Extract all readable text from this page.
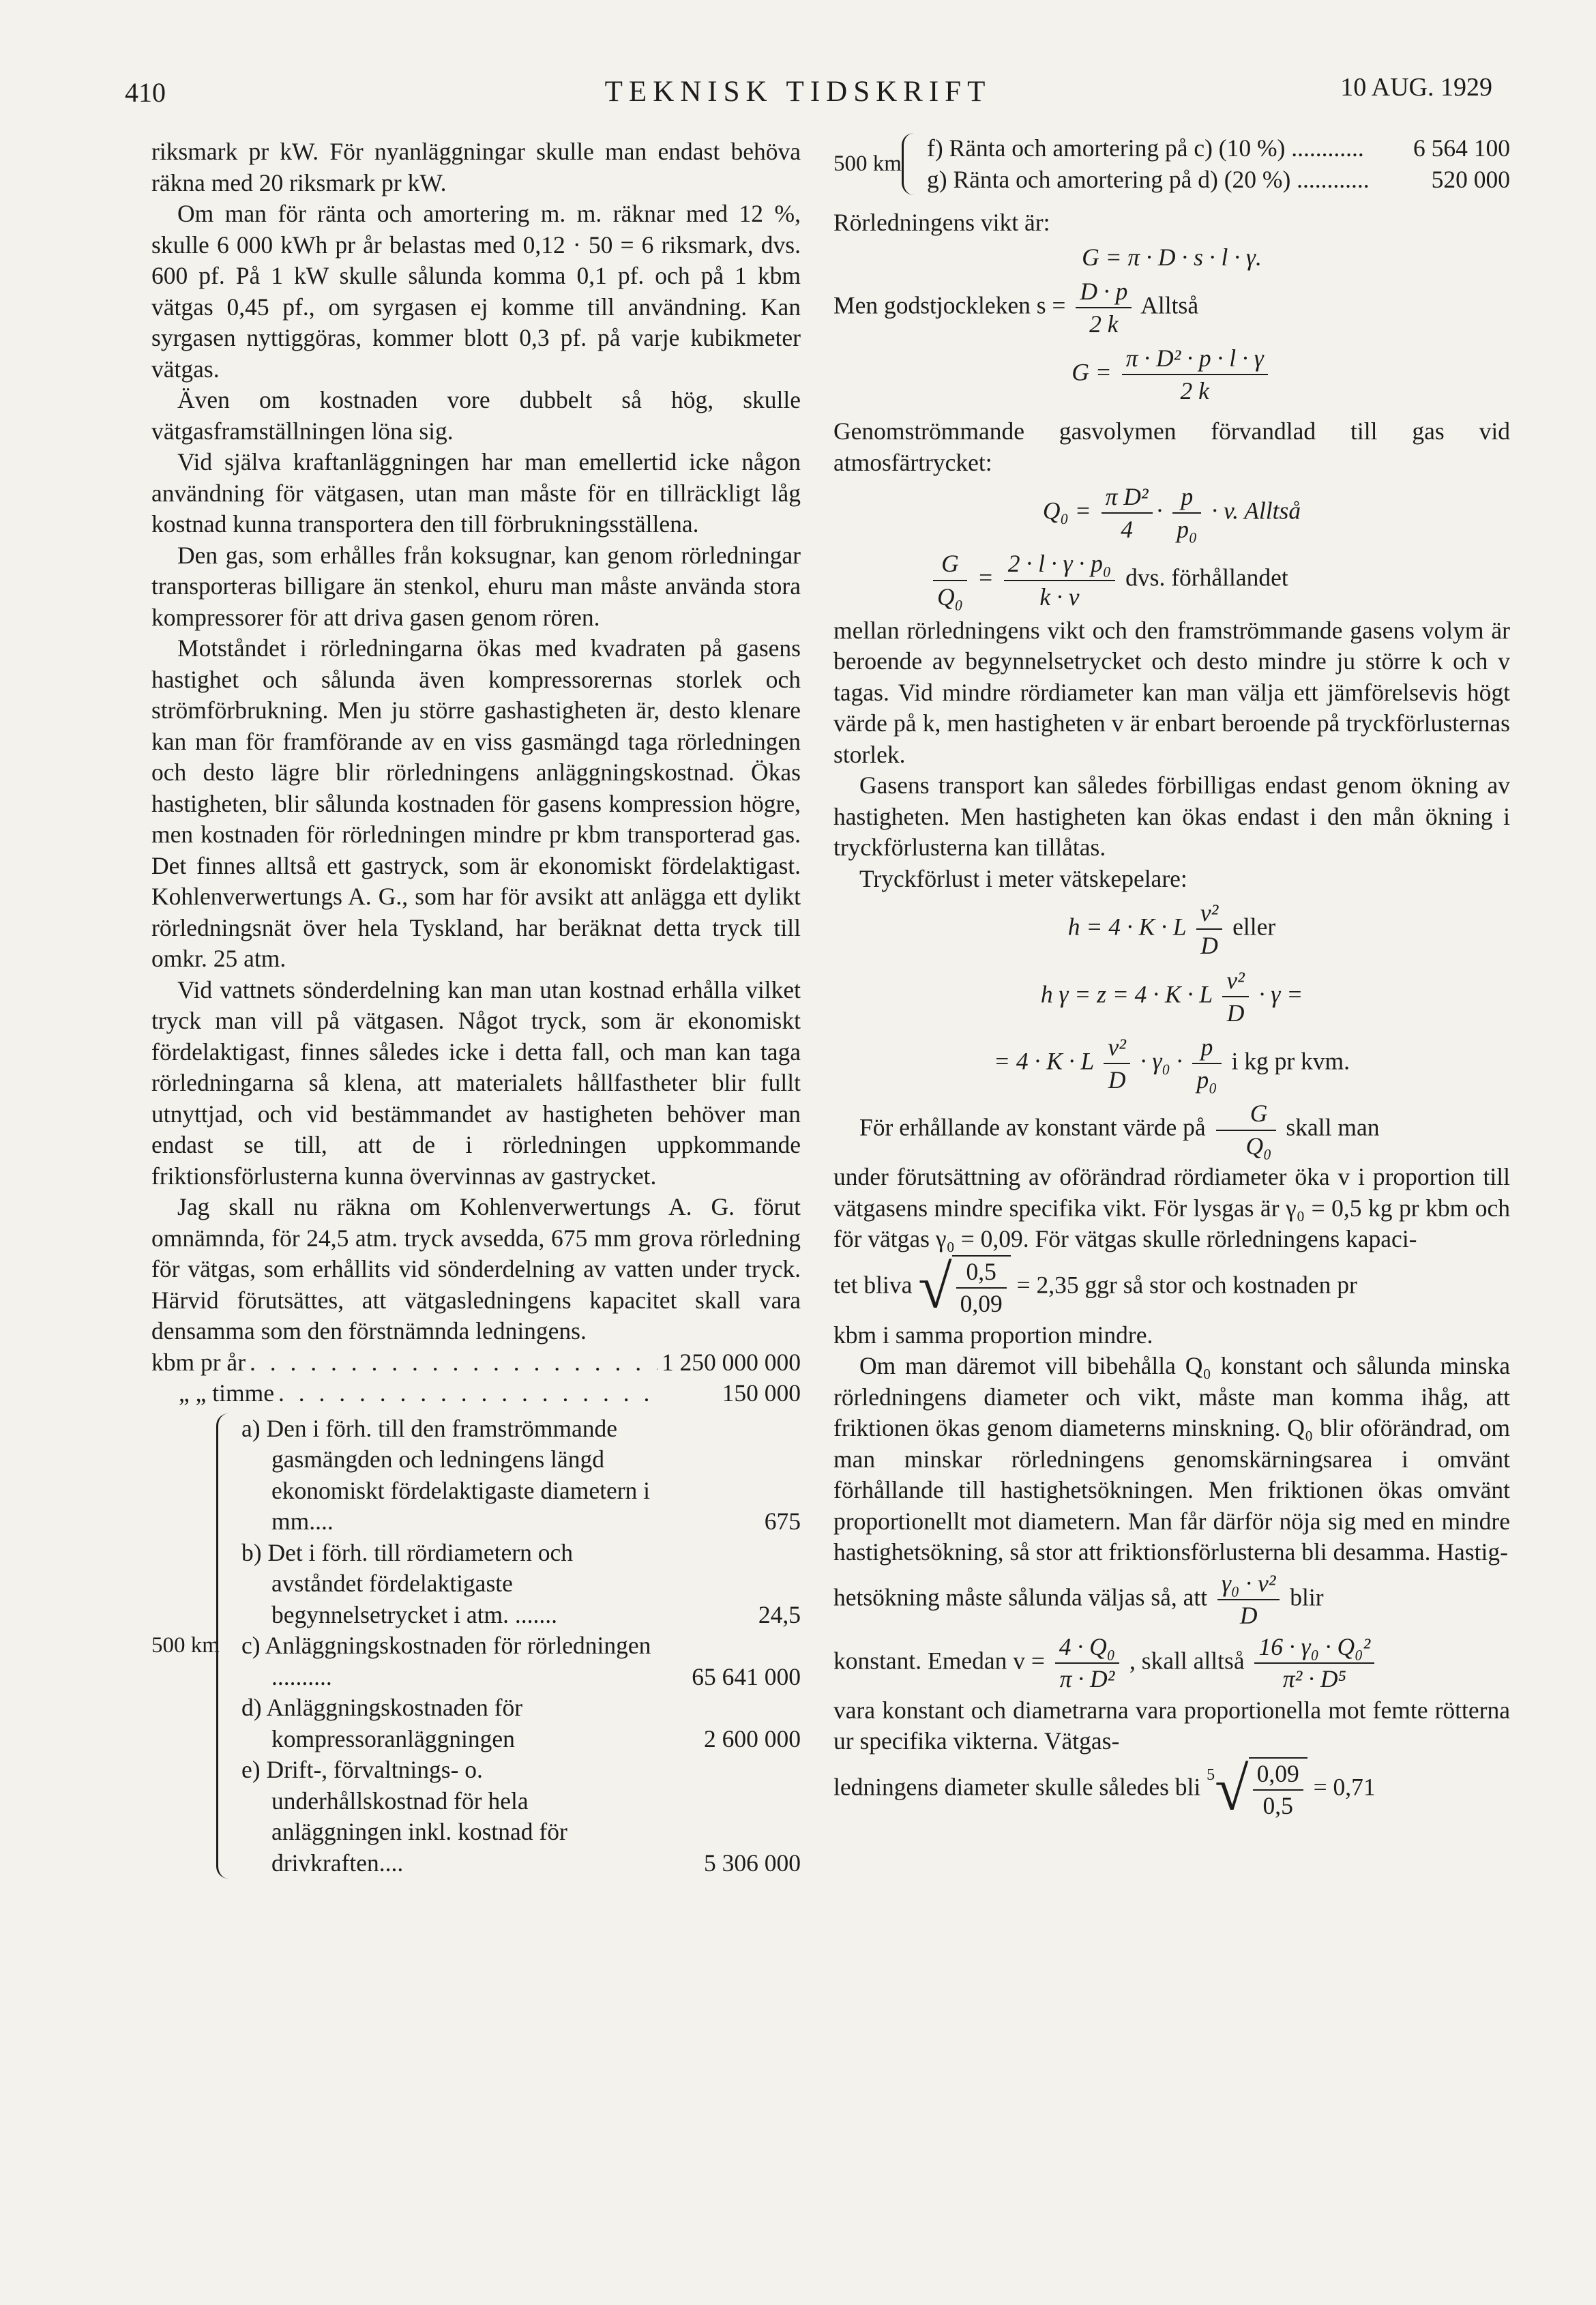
410	TEKNISK TIDSKRIFT	10 AUG. 1929

riksmark pr kW. För nyanläggningar skulle man endast behöva räkna med 20 riksmark pr kW.

Om man för ränta och amortering m. m. räknar med 12 %, skulle 6 000 kWh pr år belastas med 0,12 · 50 = 6 riksmark, dvs. 600 pf. På 1 kW skulle sålunda komma 0,1 pf. och på 1 kbm vätgas 0,45 pf., om syrgasen ej komme till användning. Kan syrgasen nyttiggöras, kommer blott 0,3 pf. på varje kubikmeter vätgas.

Även om kostnaden vore dubbelt så hög, skulle vätgasframställningen löna sig.

Vid själva kraftanläggningen har man emellertid icke någon användning för vätgasen, utan man måste för en tillräckligt låg kostnad kunna transportera den till förbrukningsställena.

Den gas, som erhålles från koksugnar, kan genom rörledningar transporteras billigare än stenkol, ehuru man måste använda stora kompressorer för att driva gasen genom rören.

Motståndet i rörledningarna ökas med kvadraten på gasens hastighet och sålunda även kompressorernas storlek och strömförbrukning. Men ju större gashastigheten är, desto klenare kan man för framförande av en viss gasmängd taga rörledningen och desto lägre blir rörledningens anläggningskostnad. Ökas hastigheten, blir sålunda kostnaden för gasens kompression högre, men kostnaden för rörledningen mindre pr kbm transporterad gas. Det finnes alltså ett gastryck, som är ekonomiskt fördelaktigast. Kohlenverwertungs A. G., som har för avsikt att anlägga ett dylikt rörledningsnät över hela Tyskland, har beräknat detta tryck till omkr. 25 atm.

Vid vattnets sönderdelning kan man utan kostnad erhålla vilket tryck man vill på vätgasen. Något tryck, som är ekonomiskt fördelaktigast, finnes således icke i detta fall, och man kan taga rörledningarna så klena, att materialets hållfastheter blir fullt utnyttjad, och vid bestämmandet av hastigheten behöver man endast se till, att de i rörledningen uppkommande friktionsförlusterna kunna övervinnas av gastrycket.

Jag skall nu räkna om Kohlenverwertungs A. G. förut omnämnda, för 24,5 atm. tryck avsedda, 675 mm grova rörledning för vätgas, som erhållits vid sönderdelning av vatten under tryck. Härvid förutsättes, att vätgasledningens kapacitet skall vara densamma som den förstnämnda ledningens.

kbm pr år . . .	1 250 000 000
„ „ timme . . .	150 000
500 km
a) Den i förh. till den framströmmande gasmängden och ledningens längd ekonomiskt fördelaktigaste diametern i mm....	675
b) Det i förh. till rördiametern och avståndet fördelaktigaste begynnelsetrycket i atm. .......	24,5
c) Anläggningskostnaden för rörledningen ..........	65 641 000
d) Anläggningskostnaden för kompressoranläggningen	2 600 000
e) Drift-, förvaltnings- o. underhållskostnad för hela anläggningen inkl. kostnad för drivkraften....	5 306 000
500 km
f) Ränta och amortering på c) (10 %) ............	6 564 100
g) Ränta och amortering på d) (20 %) ............	520 000

Rörledningens vikt är:

G = π · D · s · l · γ.
Men godstjockleken $s = \frac{D \cdot p}{2 k}$ Alltså
$G = \frac{\text{π · D² · p · l · γ}}{2 k}$

Genomströmmande gasvolymen förvandlad till gas vid atmosfärtrycket:

$Q_0 = \frac{\text{π D²}}{4} \cdot \frac{p}{\text{p₀}} \cdot v$. Alltså
$\frac{G}{\text{Q₀}} = \frac{\text{2 · l · γ · p₀}}{k \cdot v}$ dvs. förhållandet

mellan rörledningens vikt och den framströmmande gasens volym är beroende av begynnelsetrycket och desto mindre ju större k och v tagas. Vid mindre rördiameter kan man välja ett jämförelsevis högt värde på k, men hastigheten v är enbart beroende på tryckförlusternas storlek.

Gasens transport kan således förbilligas endast genom ökning av hastigheten. Men hastigheten kan ökas endast i den mån ökning i tryckförlusterna kan tillåtas.

Tryckförlust i meter vätskepelare:

h = 4 · K · L $\frac{\text{v²}}{D}$ eller
h γ = z = 4 · K · L $\frac{\text{v²}}{D} \cdot \gamma$ =
= 4 · K · L $\frac{\text{v²}}{D} \cdot \gamma_0 \cdot \frac{p}{\text{p₀}}$ i kg pr kvm.

För erhållande av konstant värde på $\frac{G}{\text{Q₀}}$ skall man

under förutsättning av oförändrad rördiameter öka v i proportion till vätgasens mindre specifika vikt. För lysgas är γ₀ = 0,5 kg pr kbm och för vätgas γ₀ = 0,09. För vätgas skulle rörledningens kapaci-

tet bliva √ $\frac{0,5}{0,09} = 2,35$ ggr så stor och kostnaden pr

kbm i samma proportion mindre.

Om man däremot vill bibehålla Q₀ konstant och sålunda minska rörledningens diameter och vikt, måste man komma ihåg, att friktionen ökas genom diameterns minskning. Q₀ blir oförändrad, om man minskar rörledningens genomskärningsarea i omvänt förhållande till hastighetsökningen. Men friktionen ökas omvänt proportionellt mot diametern. Man får därför nöja sig med en mindre hastighetsökning, så stor att friktionsförlusterna bli desamma. Hastig-

hetsökning måste sålunda väljas så, att $\frac{\text{γ₀ · v²}}{D}$ blir

konstant. Emedan $v = \frac{\text{4 · Q₀}}{\text{π · D²}}$ , skall alltså $\frac{\text{16 · γ₀ · Q₀²}}{\text{π² · D⁵}}$

vara konstant och diametrarna vara proportionella mot femte rötterna ur specifika vikterna. Vätgas-

ledningens diameter skulle således bli $^5√ \frac{0,09}{0,5} = 0,71$
